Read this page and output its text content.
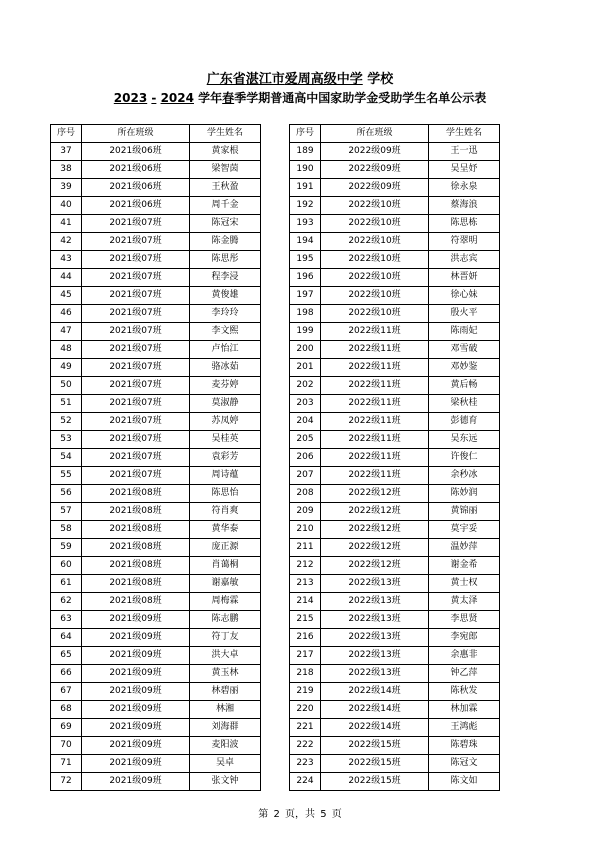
广东省湛江市爱周高级中学 学校
2023 - 2024 学年春季学期普通高中国家助学金受助学生名单公示表
序号	所在班级	学生姓名
37	2021级06班	黄家根
38	2021级06班	梁智茵
39	2021级06班	王秋盈
40	2021级06班	周千金
41	2021级07班	陈冠宋
42	2021级07班	陈金腾
43	2021级07班	陈思彤
44	2021级07班	程李浸
45	2021级07班	黄俊雄
46	2021级07班	李玲玲
47	2021级07班	李文熙
48	2021级07班	卢怡江
49	2021级07班	骆冰茹
50	2021级07班	麦芬婷
51	2021级07班	莫淑静
52	2021级07班	苏凤婷
53	2021级07班	吴桂英
54	2021级07班	袁彩芳
55	2021级07班	周诗蕴
56	2021级08班	陈思怡
57	2021级08班	符肖爽
58	2021级08班	黄华泰
59	2021级08班	庞正源
60	2021级08班	肖蔼桐
61	2021级08班	谢嘉敏
62	2021级08班	周梅霖
63	2021级09班	陈志鹏
64	2021级09班	符丁友
65	2021级09班	洪大卓
66	2021级09班	黄玉林
67	2021级09班	林碧丽
68	2021级09班	林湘
69	2021级09班	刘海群
70	2021级09班	麦阳波
71	2021级09班	吴卓
72	2021级09班	张文钟
序号	所在班级	学生姓名
189	2022级09班	王一迅
190	2022级09班	吴呈妤
191	2022级09班	徐永泉
192	2022级10班	蔡海浪
193	2022级10班	陈思栋
194	2022级10班	符翠明
195	2022级10班	洪志宾
196	2022级10班	林晋妍
197	2022级10班	徐心妹
198	2022级10班	殷火平
199	2022级11班	陈雨妃
200	2022级11班	邓雪破
201	2022级11班	邓妙鉴
202	2022级11班	黄后畅
203	2022级11班	梁秋桂
204	2022级11班	彭德育
205	2022级11班	吴东远
206	2022级11班	许俊仁
207	2022级11班	余秒冰
208	2022级12班	陈妙润
209	2022级12班	黄锦丽
210	2022级12班	莫宇妥
211	2022级12班	温妙萍
212	2022级12班	谢金希
213	2022级13班	黄士权
214	2022级13班	黄太泽
215	2022级13班	李思贤
216	2022级13班	李宛郎
217	2022级13班	余惠非
218	2022级13班	钟乙萍
219	2022级14班	陈秋发
220	2022级14班	林加霖
221	2022级14班	王鸿彪
222	2022级15班	陈碧珠
223	2022级15班	陈冠文
224	2022级15班	陈文如
第 2 页，共 5 页
